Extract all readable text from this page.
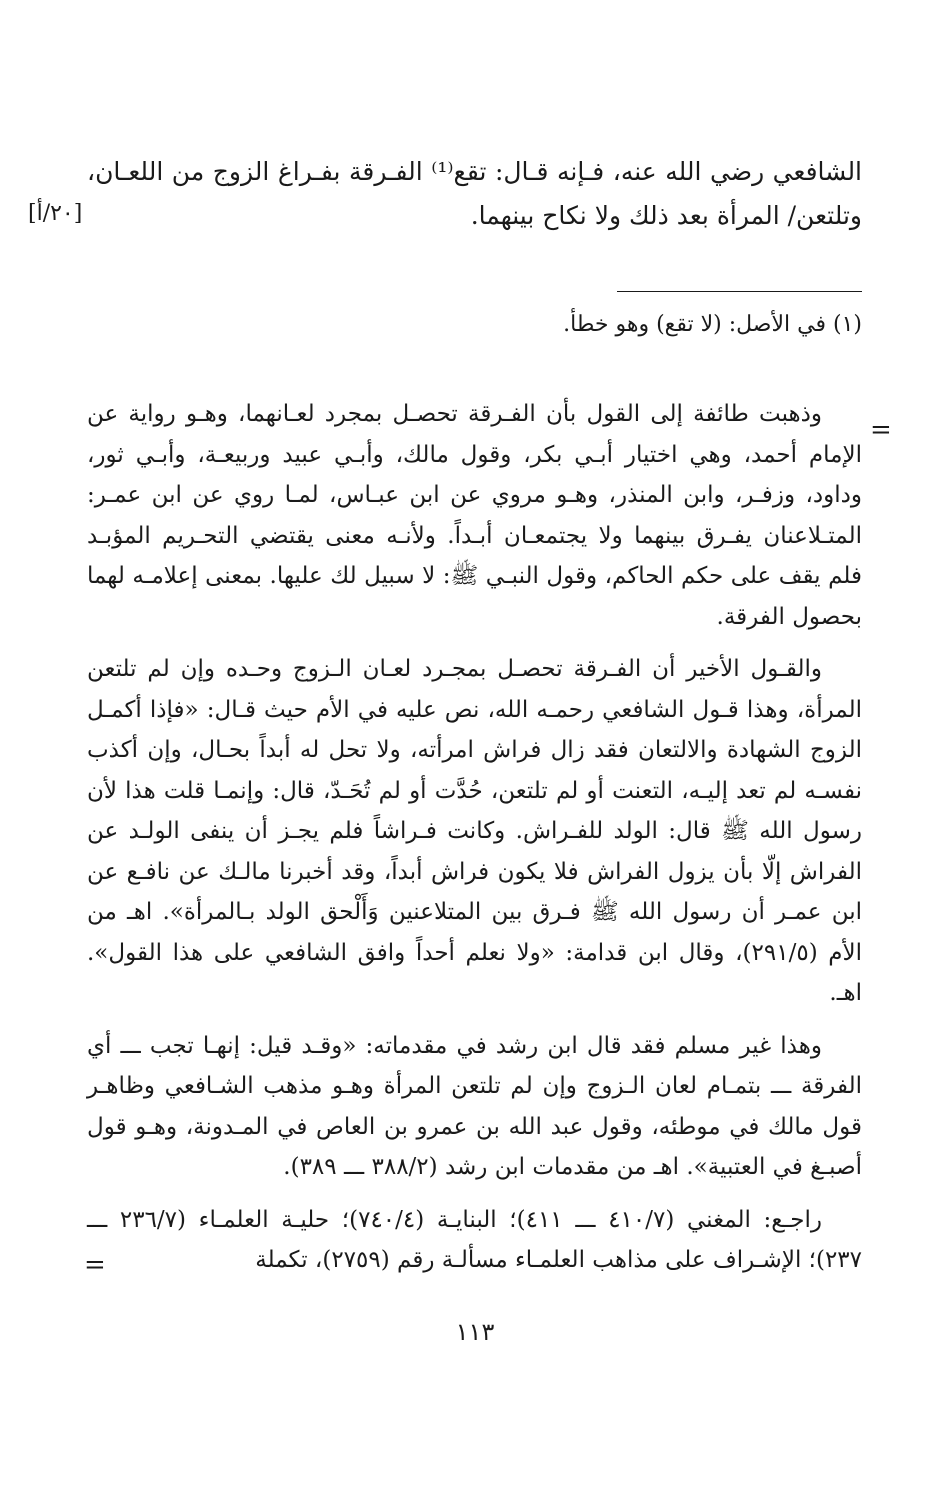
الشافعي رضي الله عنه، فـإنه قـال: تقع⁽¹⁾ الفـرقة بفـراغ الزوج من اللعـان، وتلتعن/ المرأة بعد ذلك ولا نكاح بينهما.

[٢٠/أ]
(١) في الأصل: (لا تقع) وهو خطأ.
=

وذهبت طائفة إلى القول بأن الفـرقة تحصـل بمجرد لعـانهما، وهـو رواية عن الإمام أحمد، وهي اختيار أبـي بكر، وقول مالك، وأبـي عبيد وربيعـة، وأبـي ثور، وداود، وزفـر، وابن المنذر، وهـو مروي عن ابن عبـاس، لمـا روي عن ابن عمـر: المتـلاعنان يفـرق بينهما ولا يجتمعـان أبـداً. ولأنـه معنى يقتضي التحـريم المؤبـد فلم يقف على حكم الحاكم، وقول النبـي ﷺ: لا سبيل لك عليها. بمعنى إعلامـه لهما بحصول الفرقة.

والقـول الأخير أن الفـرقة تحصـل بمجـرد لعـان الـزوج وحـده وإن لم تلتعن المرأة، وهذا قـول الشافعي رحمـه الله، نص عليه في الأم حيث قـال: «فإذا أكمـل الزوج الشهادة والالتعان فقد زال فراش امرأته، ولا تحل له أبداً بحـال، وإن أكذب نفسـه لم تعد إليـه، التعنت أو لم تلتعن، حُدَّت أو لم تُحَـدّ، قال: وإنمـا قلت هذا لأن رسول الله ﷺ قال: الولد للفـراش. وكانت فـراشاً فلم يجـز أن ينفى الولـد عن الفراش إلّا بأن يزول الفراش فلا يكون فراش أبداً، وقد أخبرنا مالـك عن نافـع عن ابن عمـر أن رسول الله ﷺ فـرق بين المتلاعنين وَأَلْحق الولد بـالمرأة». اهـ من الأم (٢٩١/٥)، وقال ابن قدامة: «ولا نعلم أحداً وافق الشافعي على هذا القول». اهـ.

وهذا غير مسلم فقد قال ابن رشد في مقدماته: «وقـد قيل: إنهـا تجب ـــ أي الفرقة ـــ بتمـام لعان الـزوج وإن لم تلتعن المرأة وهـو مذهب الشـافعي وظاهـر قول مالك في موطئه، وقول عبد الله بن عمرو بن العاص في المـدونة، وهـو قول أصبـغ في العتبية». اهـ من مقدمات ابن رشد (٣٨٨/٢ ـــ ٣٨٩).

راجـع: المغني (٤١٠/٧ ـــ ٤١١)؛ البنايـة (٧٤٠/٤)؛ حليـة العلمـاء (٢٣٦/٧ ـــ ٢٣٧)؛ الإشـراف على مذاهب العلمـاء مسألـة رقم (٢٧٥٩)، تكملة

=
١١٣
